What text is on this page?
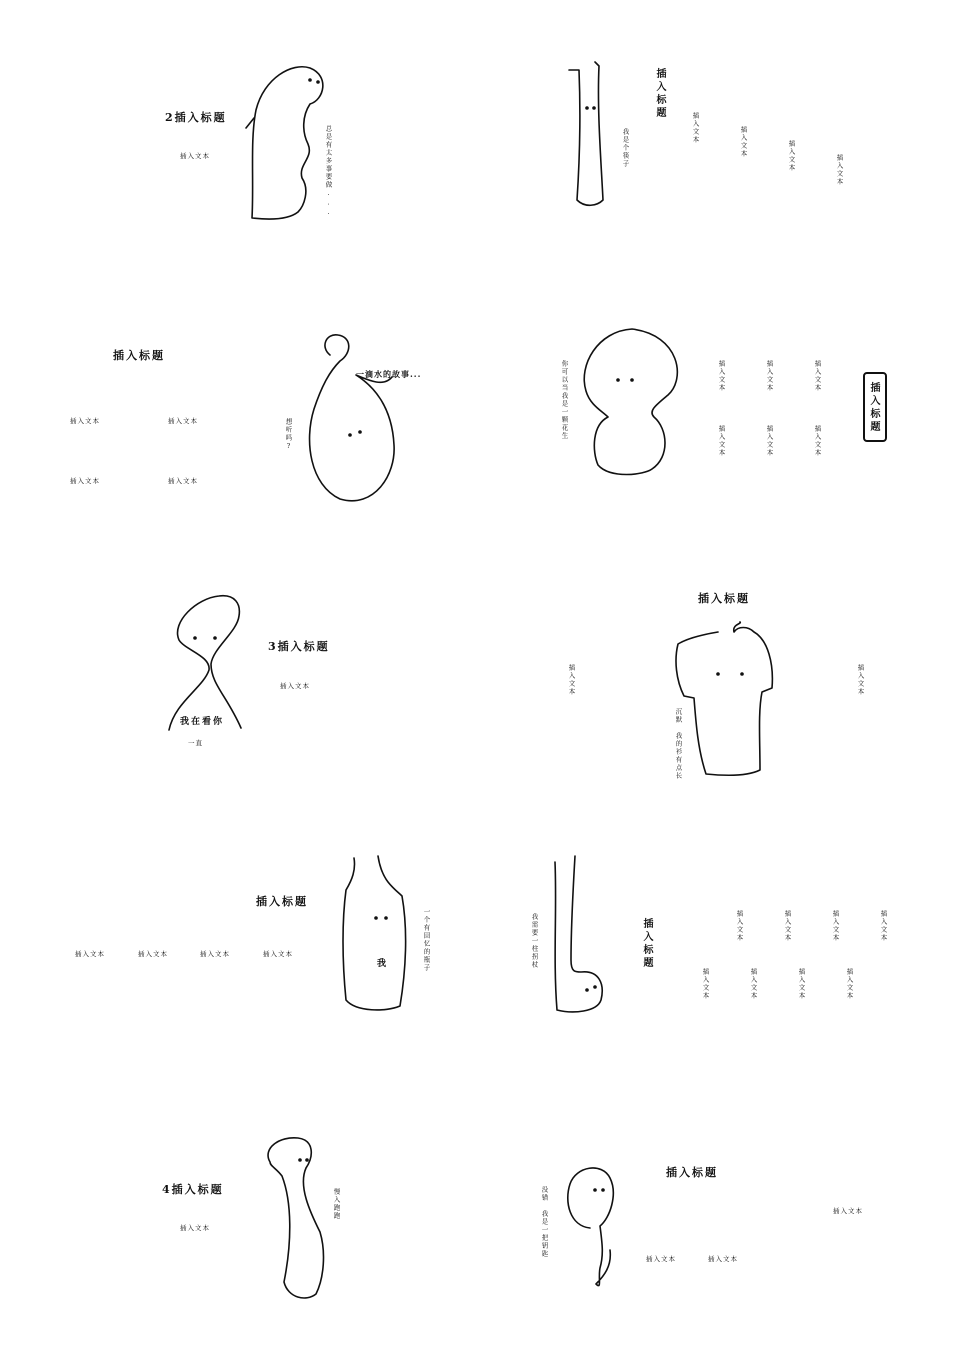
2插入标题
插入文本	总是有太多事要做...
插入标题
我是个筷子	插入文本	插入文本	插入文本	插入文本
插入标题
插入文本	插入文本
插入文本	插入文本
一滴水的故事...
想听吗?	你可以当我是一颗花生	插入文本	插入文本	插入文本
插入文本	插入文本	插入文本
插入标题
3插入标题
插入文本
我在看你
一直
插入标题
插入文本	插入文本
沉默
我的衫有点长
插入标题
插入文本	插入文本	插入文本	插入文本
我	一个有回忆的瓶子	我需要一柱拐杖	插入标题	插入文本	插入文本	插入文本	插入文本
插入文本	插入文本	插入文本	插入文本
4插入标题
插入文本
慢入跑跑	没错
我是一把钥匙
插入标题
插入文本
插入文本	插入文本
